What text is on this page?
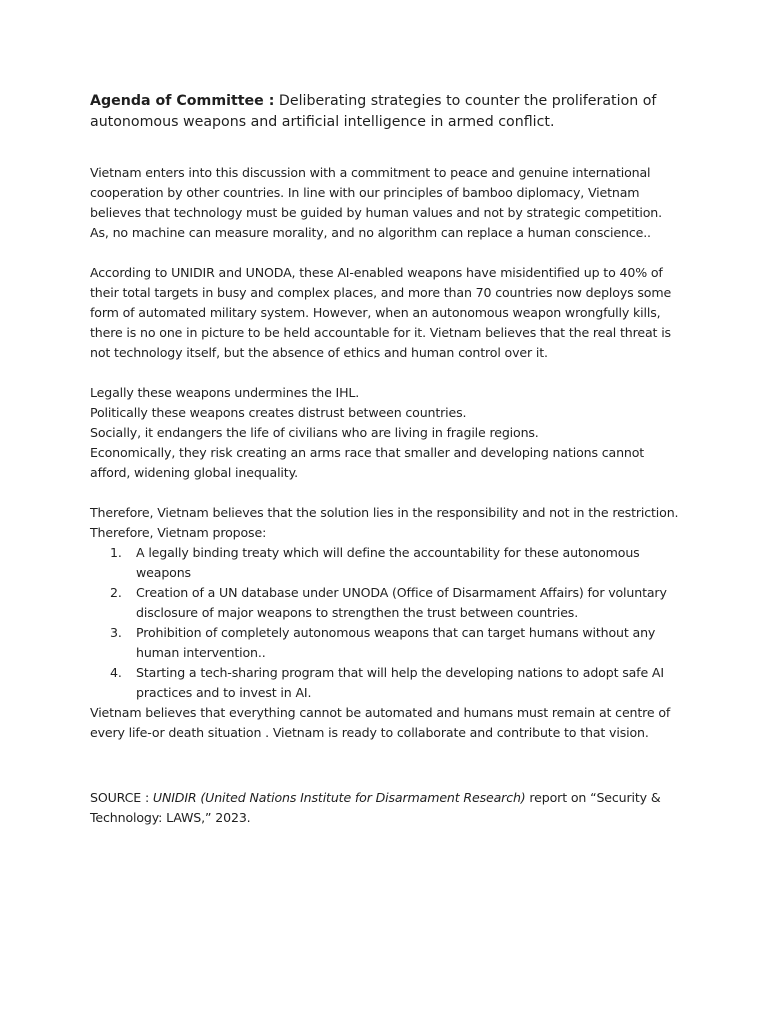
Agenda of Committee : Deliberating strategies to counter the proliferation of autonomous weapons and artificial intelligence in armed conflict.

Vietnam enters into this discussion with a commitment to peace and genuine international cooperation by other countries. In line with our principles of bamboo diplomacy, Vietnam believes that technology must be guided by human values and not by strategic competition. As, no machine can measure morality, and no algorithm can replace a human conscience..

According to UNIDIR and UNODA, these AI-enabled weapons have misidentified up to 40% of their total targets in busy and complex places, and more than 70 countries now deploys some form of automated military system. However, when an autonomous weapon wrongfully kills, there is no one in picture to be held accountable for it. Vietnam believes that the real threat is not technology itself, but the absence of ethics and human control over it.

Legally these weapons undermines the IHL.
Politically these weapons creates distrust between countries.
Socially, it endangers the life of civilians who are living in fragile regions.
Economically, they risk creating an arms race that smaller and developing nations cannot afford, widening global inequality.

Therefore, Vietnam believes that the solution lies in the responsibility and not in the restriction. Therefore, Vietnam propose:

1. A legally binding treaty which will define the accountability for these autonomous weapons
2. Creation of a UN database under UNODA (Office of Disarmament Affairs) for voluntary disclosure of major weapons to strengthen the trust between countries.
3. Prohibition of completely autonomous weapons that can target humans without any human intervention..
4. Starting a tech-sharing program that will help the developing nations to adopt safe AI practices and to invest in AI.

Vietnam believes that everything cannot be automated and humans must remain at centre of every life-or death situation . Vietnam is ready to collaborate and contribute to that vision.

SOURCE : UNIDIR (United Nations Institute for Disarmament Research) report on “Security & Technology: LAWS,” 2023.
